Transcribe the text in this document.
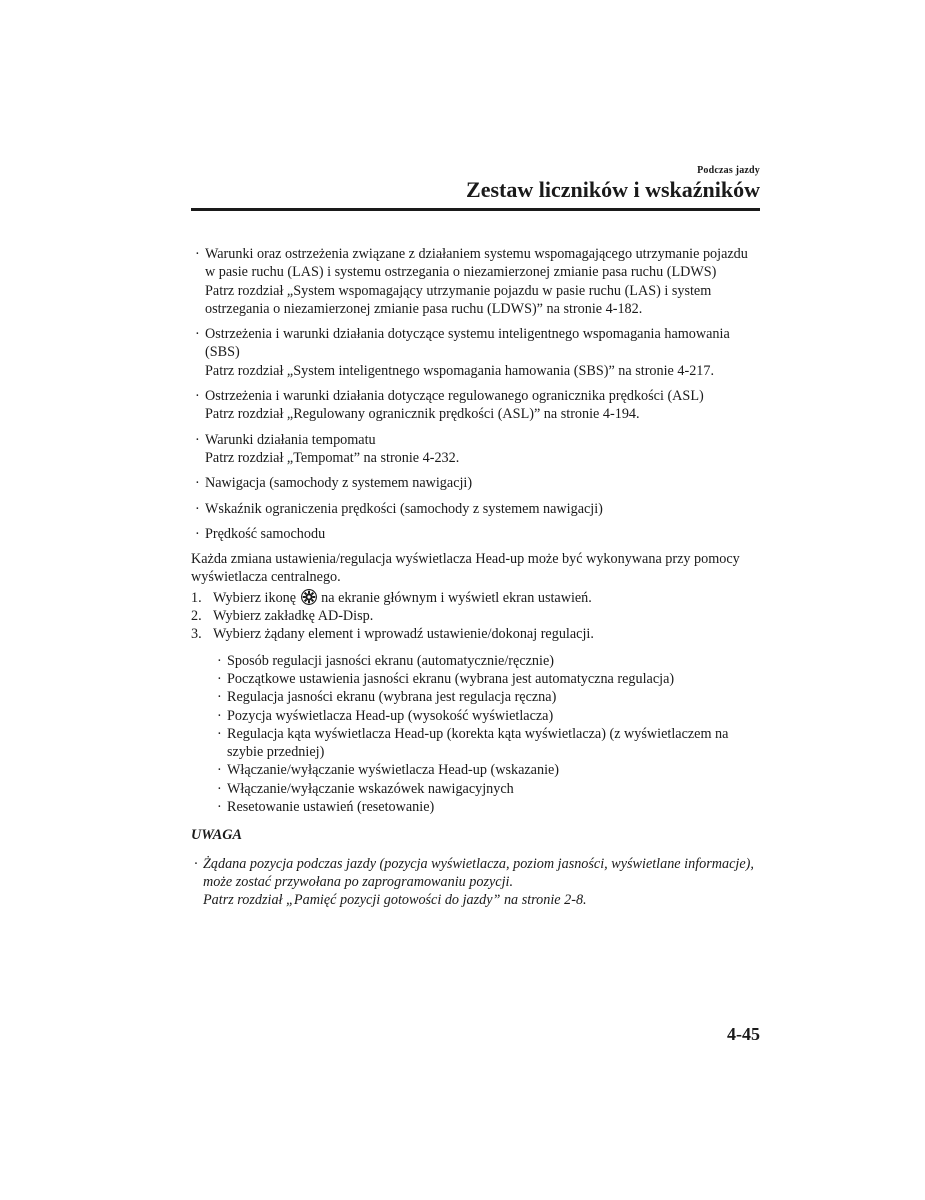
Podczas jazdy
Zestaw liczników i wskaźników
· Warunki oraz ostrzeżenia związane z działaniem systemu wspomagającego utrzymanie pojazdu w pasie ruchu (LAS) i systemu ostrzegania o niezamierzonej zmianie pasa ruchu (LDWS)
Patrz rozdział „System wspomagający utrzymanie pojazdu w pasie ruchu (LAS) i system ostrzegania o niezamierzonej zmianie pasa ruchu (LDWS)” na stronie 4-182.
· Ostrzeżenia i warunki działania dotyczące systemu inteligentnego wspomagania hamowania (SBS)
Patrz rozdział „System inteligentnego wspomagania hamowania (SBS)” na stronie 4-217.
· Ostrzeżenia i warunki działania dotyczące regulowanego ogranicznika prędkości (ASL)
Patrz rozdział „Regulowany ogranicznik prędkości (ASL)” na stronie 4-194.
· Warunki działania tempomatu
Patrz rozdział „Tempomat” na stronie 4-232.
· Nawigacja (samochody z systemem nawigacji)
· Wskaźnik ograniczenia prędkości (samochody z systemem nawigacji)
· Prędkość samochodu

Każda zmiana ustawienia/regulacja wyświetlacza Head-up może być wykonywana przy pomocy wyświetlacza centralnego.

1. Wybierz ikonę na ekranie głównym i wyświetl ekran ustawień.
2. Wybierz zakładkę AD-Disp.
3. Wybierz żądany element i wprowadź ustawienie/dokonaj regulacji.
· Sposób regulacji jasności ekranu (automatycznie/ręcznie)
· Początkowe ustawienia jasności ekranu (wybrana jest automatyczna regulacja)
· Regulacja jasności ekranu (wybrana jest regulacja ręczna)
· Pozycja wyświetlacza Head-up (wysokość wyświetlacza)
· Regulacja kąta wyświetlacza Head-up (korekta kąta wyświetlacza) (z wyświetlaczem na szybie przedniej)
· Włączanie/wyłączanie wyświetlacza Head-up (wskazanie)
· Włączanie/wyłączanie wskazówek nawigacyjnych
· Resetowanie ustawień (resetowanie)
UWAGA
· Żądana pozycja podczas jazdy (pozycja wyświetlacza, poziom jasności, wyświetlane informacje), może zostać przywołana po zaprogramowaniu pozycji.
Patrz rozdział „Pamięć pozycji gotowości do jazdy” na stronie 2-8.
4-45
